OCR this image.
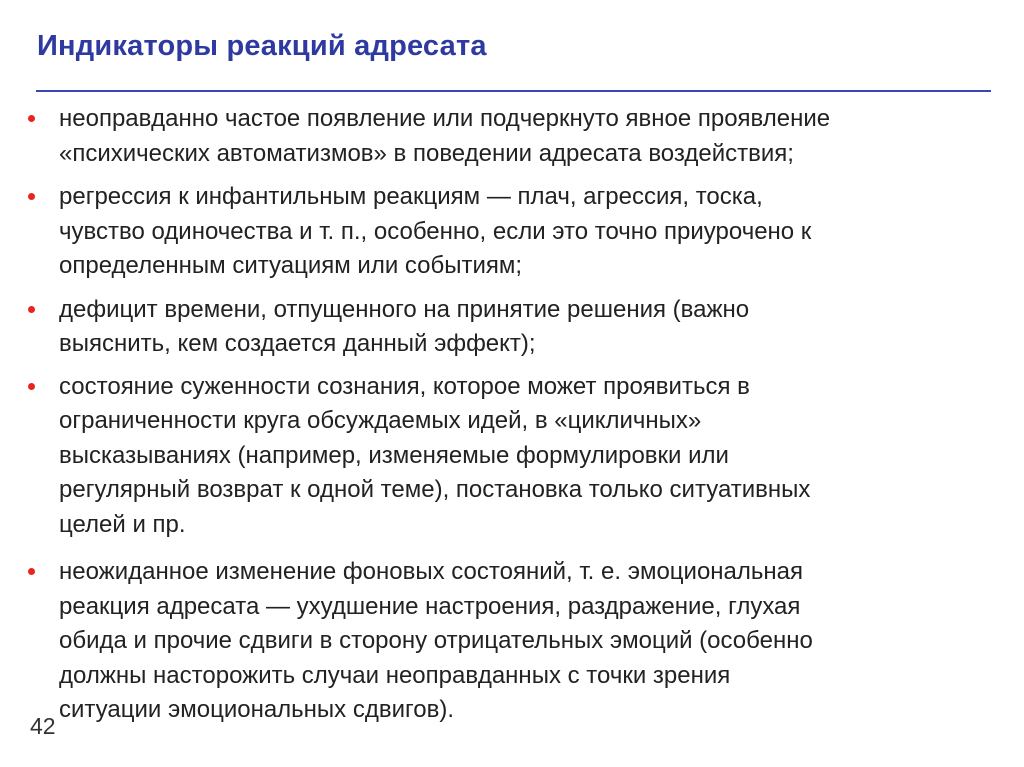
Индикаторы реакций адресата
неоправданно частое появление или подчеркнуто явное проявление
«психических автоматизмов» в поведении адресата воздействия;
регрессия к инфантильным реакциям — плач, агрессия, тоска,
чувство одиночества и т. п., особенно, если это точно приурочено к
определенным ситуациям или событиям;
дефицит времени, отпущенного на принятие решения (важно
выяснить, кем создается данный эффект);
состояние суженности сознания, которое может проявиться в
ограниченности круга обсуждаемых идей, в «цикличных»
высказываниях (например, изменяемые формулировки или
регулярный возврат к одной теме), постановка только ситуативных
целей и пр.
неожиданное изменение фоновых состояний, т. е. эмоциональная
реакция адресата — ухудшение настроения, раздражение, глухая
обида и прочие сдвиги в сторону отрицательных эмоций (особенно
должны насторожить случаи неоправданных с точки зрения
ситуации эмоциональных сдвигов).
42
